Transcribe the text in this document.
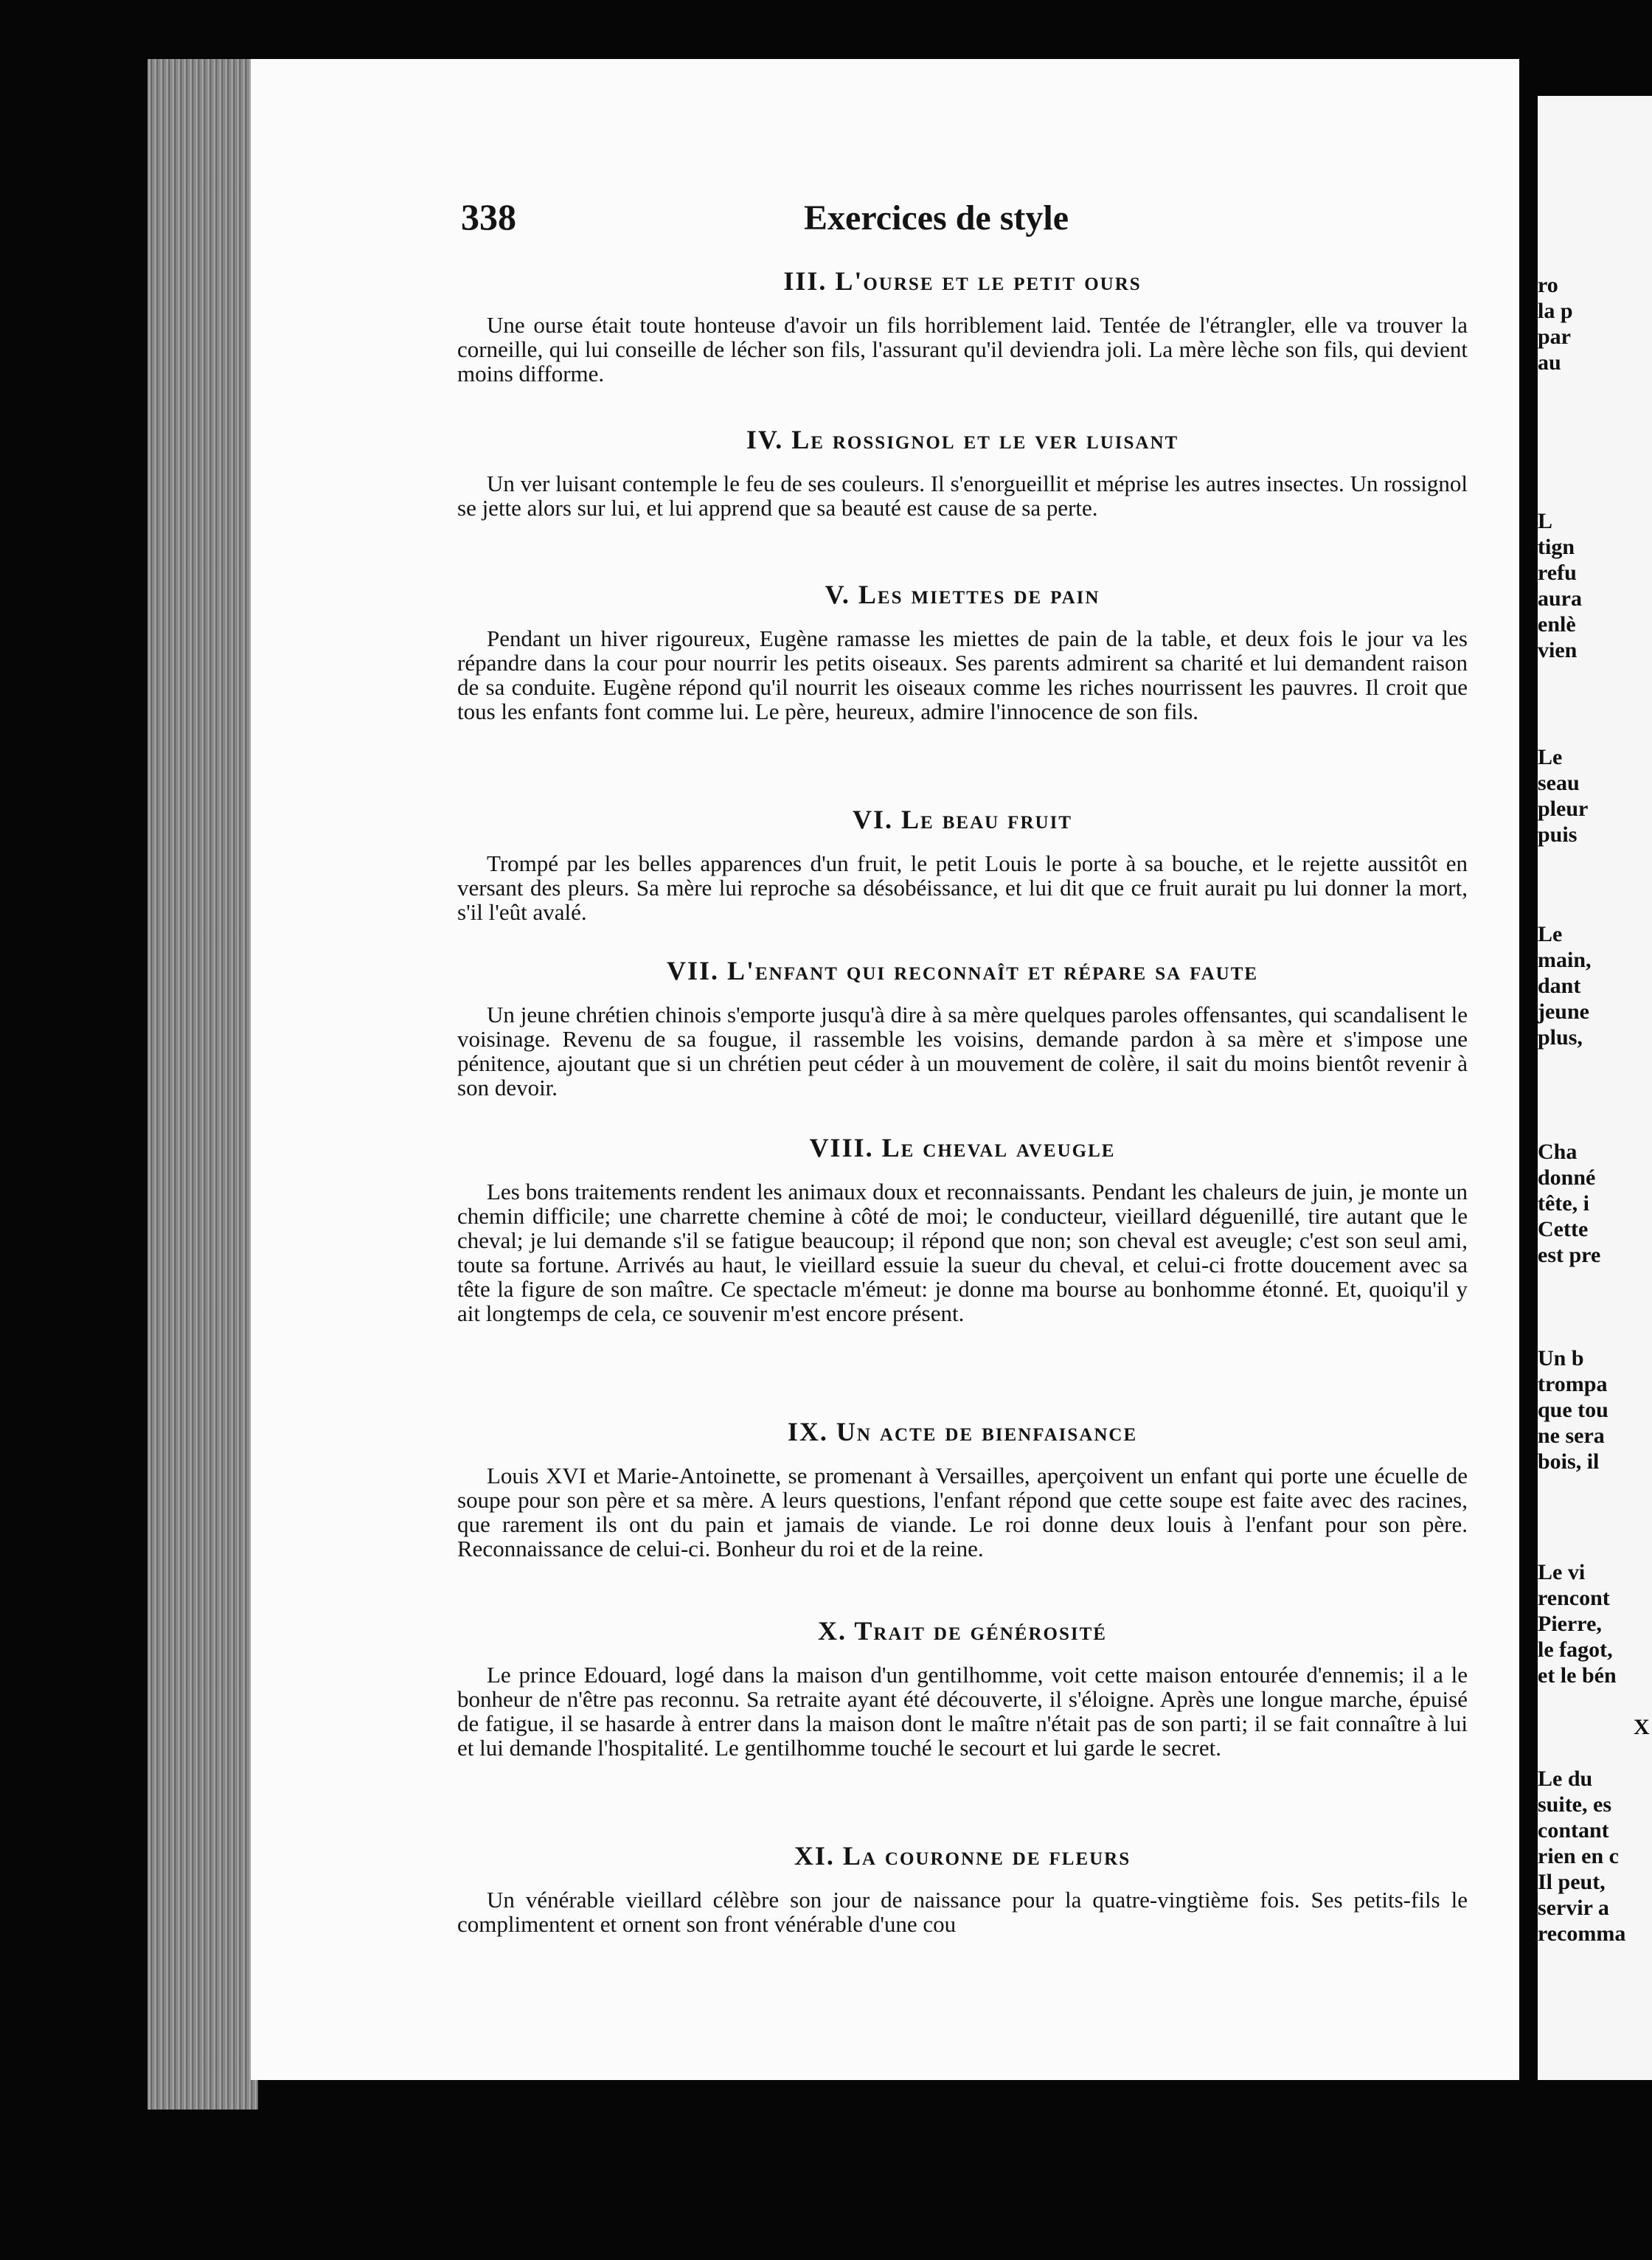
338	Exercices de style
III. L'ourse et le petit ours

Une ourse était toute honteuse d'avoir un fils horriblement laid. Tentée de l'étrangler, elle va trouver la corneille, qui lui conseille de lécher son fils, l'assurant qu'il deviendra joli. La mère lèche son fils, qui devient moins difforme.

IV. Le rossignol et le ver luisant

Un ver luisant contemple le feu de ses couleurs. Il s'enorgueillit et méprise les autres insectes. Un rossignol se jette alors sur lui, et lui apprend que sa beauté est cause de sa perte.

V. Les miettes de pain

Pendant un hiver rigoureux, Eugène ramasse les miettes de pain de la table, et deux fois le jour va les répandre dans la cour pour nourrir les petits oiseaux. Ses parents admirent sa charité et lui demandent raison de sa conduite. Eugène répond qu'il nourrit les oiseaux comme les riches nourrissent les pauvres. Il croit que tous les enfants font comme lui. Le père, heureux, admire l'innocence de son fils.

VI. Le beau fruit

Trompé par les belles apparences d'un fruit, le petit Louis le porte à sa bouche, et le rejette aussitôt en versant des pleurs. Sa mère lui reproche sa désobéissance, et lui dit que ce fruit aurait pu lui donner la mort, s'il l'eût avalé.

VII. L'enfant qui reconnaît et répare sa faute

Un jeune chrétien chinois s'emporte jusqu'à dire à sa mère quelques paroles offensantes, qui scandalisent le voisinage. Revenu de sa fougue, il rassemble les voisins, demande pardon à sa mère et s'impose une pénitence, ajoutant que si un chrétien peut céder à un mouvement de colère, il sait du moins bientôt revenir à son devoir.

VIII. Le cheval aveugle

Les bons traitements rendent les animaux doux et reconnaissants. Pendant les chaleurs de juin, je monte un chemin difficile; une charrette chemine à côté de moi; le conducteur, vieillard déguenillé, tire autant que le cheval; je lui demande s'il se fatigue beaucoup; il répond que non; son cheval est aveugle; c'est son seul ami, toute sa fortune. Arrivés au haut, le vieillard essuie la sueur du cheval, et celui-ci frotte doucement avec sa tête la figure de son maître. Ce spectacle m'émeut: je donne ma bourse au bonhomme étonné. Et, quoiqu'il y ait longtemps de cela, ce souvenir m'est encore présent.

IX. Un acte de bienfaisance

Louis XVI et Marie-Antoinette, se promenant à Versailles, aperçoivent un enfant qui porte une écuelle de soupe pour son père et sa mère. A leurs questions, l'enfant répond que cette soupe est faite avec des racines, que rarement ils ont du pain et jamais de viande. Le roi donne deux louis à l'enfant pour son père. Reconnaissance de celui-ci. Bonheur du roi et de la reine.

X. Trait de générosité

Le prince Edouard, logé dans la maison d'un gentilhomme, voit cette maison entourée d'ennemis; il a le bonheur de n'être pas reconnu. Sa retraite ayant été découverte, il s'éloigne. Après une longue marche, épuisé de fatigue, il se hasarde à entrer dans la maison dont le maître n'était pas de son parti; il se fait connaître à lui et lui demande l'hospitalité. Le gentilhomme touché le secourt et lui garde le secret.

XI. La couronne de fleurs

Un vénérable vieillard célèbre son jour de naissance pour la quatre-vingtième fois. Ses petits-fils le complimentent et ornent son front vénérable d'une cou

ro
la p
par
au
L
tign
refu
aura
enlè
vien
Le
seau
pleur
puis
Le
main,
dant
jeune
plus,
Cha
donné
tête, i
Cette
est pre
Un b
trompa
que tou
ne sera
bois, il
Le vi
rencont
Pierre,
le fagot,
et le bén
X
Le du
suite, es
contant
rien en c
Il peut,
servir a
recomma
